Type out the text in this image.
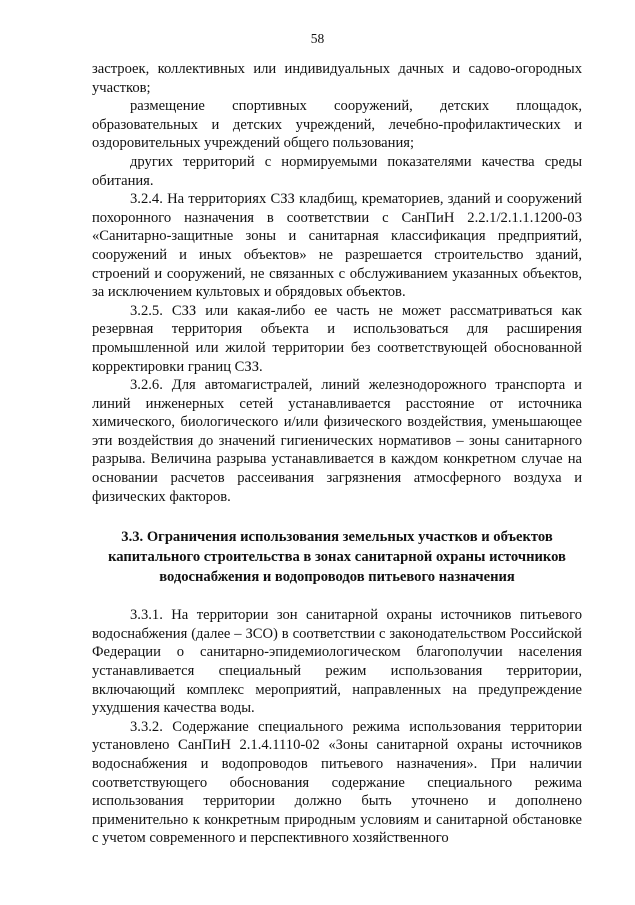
58

застроек, коллективных или индивидуальных дачных и садово-огородных участков;

размещение спортивных сооружений, детских площадок, образовательных и детских учреждений, лечебно-профилактических и оздоровительных учреждений общего пользования;

других территорий с нормируемыми показателями качества среды обитания.

3.2.4. На территориях СЗЗ кладбищ, крематориев, зданий и сооружений похоронного назначения в соответствии с СанПиН 2.2.1/2.1.1.1200-03 «Санитарно-защитные зоны и санитарная классификация предприятий, сооружений и иных объектов» не разрешается строительство зданий, строений и сооружений, не связанных с обслуживанием указанных объектов, за исключением культовых и обрядовых объектов.

3.2.5. СЗЗ или какая-либо ее часть не может рассматриваться как резервная территория объекта и использоваться для расширения промышленной или жилой территории без соответствующей обоснованной корректировки границ СЗЗ.

3.2.6. Для автомагистралей, линий железнодорожного транспорта и линий инженерных сетей устанавливается расстояние от источника химического, биологического и/или физического воздействия, уменьшающее эти воздействия до значений гигиенических нормативов – зоны санитарного разрыва. Величина разрыва устанавливается в каждом конкретном случае на основании расчетов рассеивания загрязнения атмосферного воздуха и физических факторов.

3.3. Ограничения использования земельных участков и объектов
капитального строительства в зонах санитарной охраны источников
водоснабжения и водопроводов питьевого назначения

3.3.1. На территории зон санитарной охраны источников питьевого водоснабжения (далее – ЗСО) в соответствии с законодательством Российской Федерации о санитарно-эпидемиологическом благополучии населения устанавливается специальный режим использования территории, включающий комплекс мероприятий, направленных на предупреждение ухудшения качества воды.

3.3.2. Содержание специального режима использования территории установлено СанПиН 2.1.4.1110-02 «Зоны санитарной охраны источников водоснабжения и водопроводов питьевого назначения». При наличии соответствующего обоснования содержание специального режима использования территории должно быть уточнено и дополнено применительно к конкретным природным условиям и санитарной обстановке с учетом современного и перспективного хозяйственного
